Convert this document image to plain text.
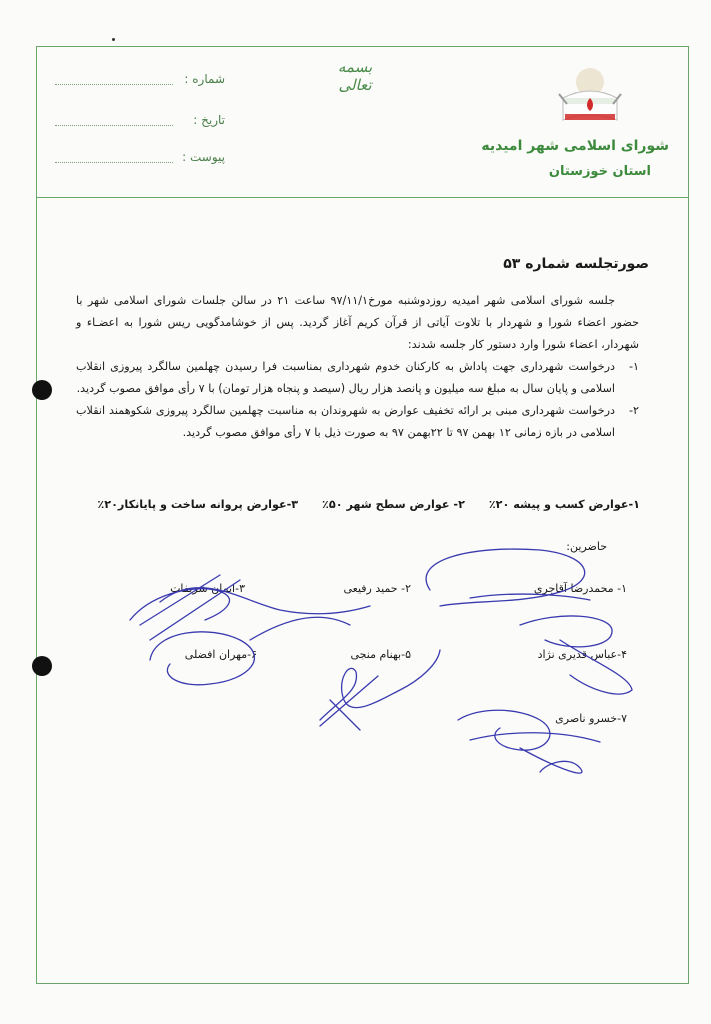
شماره :
تاریخ :
پیوست :
بسمه تعالی
شورای اسلامی شهر امیدیه
استان خوزستان
صورتجلسه شماره ۵۳

جلسه شورای اسلامی شهر امیدیه روزدوشنبه مورخ۹۷/۱۱/۱ ساعت ۲۱ در سالن جلسات شورای اسلامی شهر با حضور اعضاء شورا و شهردار با تلاوت آیاتی از قرآن کریم آغاز گردید. پس از خوشامدگویی ریس شورا به اعضـاء و شهردار، اعضاء شورا وارد دستور کار جلسه شدند:

۱-
درخواست شهرداری جهت پاداش به کارکنان خدوم شهرداری بمناسبت فرا رسیدن چهلمین سالگرد پیروزی انقلاب اسلامی و پایان سال به مبلغ سه میلیون و پانصد هزار ریال (سیصد و پنجاه هزار تومان) با ۷ رأی موافق مصوب گردید.
۲-
درخواست شهرداری مبنی بر ارائه تخفیف عوارض به شهروندان به مناسبت چهلمین سالگرد پیروزی شکوهمند انقلاب اسلامی در بازه زمانی ۱۲ بهمن ۹۷ تا ۲۲بهمن ۹۷ به صورت ذیل با ۷ رأی موافق مصوب گردید.
۱-عوارض کسب و پیشه ۲۰٪ ۲- عوارض سطح شهر ۵۰٪ ۳-عوارض پروانه ساخت و پایانکار۲۰٪
حاضرین:
۱- محمدرضا آقاجری
۲- حمید رفیعی
۳-ایمان شریفات
۴-عباس قدیری نژاد
۵-بهنام منجی
۶-مهران افضلی
۷-خسرو ناصری
